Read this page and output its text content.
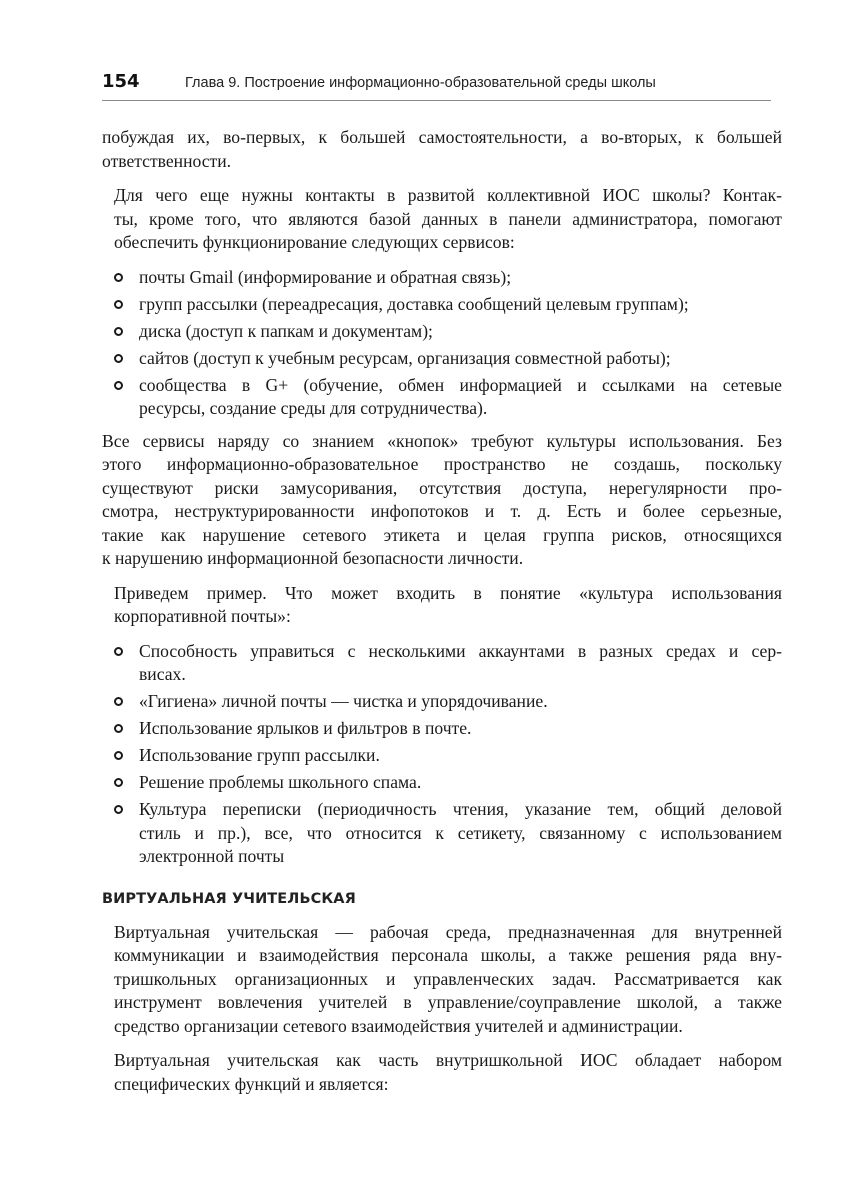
154	Глава 9. Построение информационно-образовательной среды школы

побуждая их, во-первых, к большей самостоятельности, а во-вторых, к большей
ответственности.

Для чего еще нужны контакты в развитой коллективной ИОС школы? Контак-
ты, кроме того, что являются базой данных в панели администратора, помогают
обеспечить функционирование следующих сервисов:

почты Gmail (информирование и обратная связь);
групп рассылки (переадресация, доставка сообщений целевым группам);
диска (доступ к папкам и документам);
сайтов (доступ к учебным ресурсам, организация совместной работы);
сообщества в G+ (обучение, обмен информацией и ссылками на сетевые
ресурсы, создание среды для сотрудничества).

Все сервисы наряду со знанием «кнопок» требуют культуры использования. Без
этого информационно-образовательное пространство не создашь, поскольку
существуют риски замусоривания, отсутствия доступа, нерегулярности про-
смотра, неструктурированности инфопотоков и т. д. Есть и более серьезные,
такие как нарушение сетевого этикета и целая группа рисков, относящихся
к нарушению информационной безопасности личности.

Приведем пример. Что может входить в понятие «культура использования
корпоративной почты»:

Способность управиться с несколькими аккаунтами в разных средах и сер-
висах.
«Гигиена» личной почты — чистка и упорядочивание.
Использование ярлыков и фильтров в почте.
Использование групп рассылки.
Решение проблемы школьного спама.
Культура переписки (периодичность чтения, указание тем, общий деловой
стиль и пр.), все, что относится к сетикету, связанному с использованием
электронной почты
ВИРТУАЛЬНАЯ УЧИТЕЛЬСКАЯ

Виртуальная учительская — рабочая среда, предназначенная для внутренней
коммуникации и взаимодействия персонала школы, а также решения ряда вну-
тришкольных организационных и управленческих задач. Рассматривается как
инструмент вовлечения учителей в управление/соуправление школой, а также
средство организации сетевого взаимодействия учителей и администрации.

Виртуальная учительская как часть внутришкольной ИОС обладает набором
специфических функций и является:
